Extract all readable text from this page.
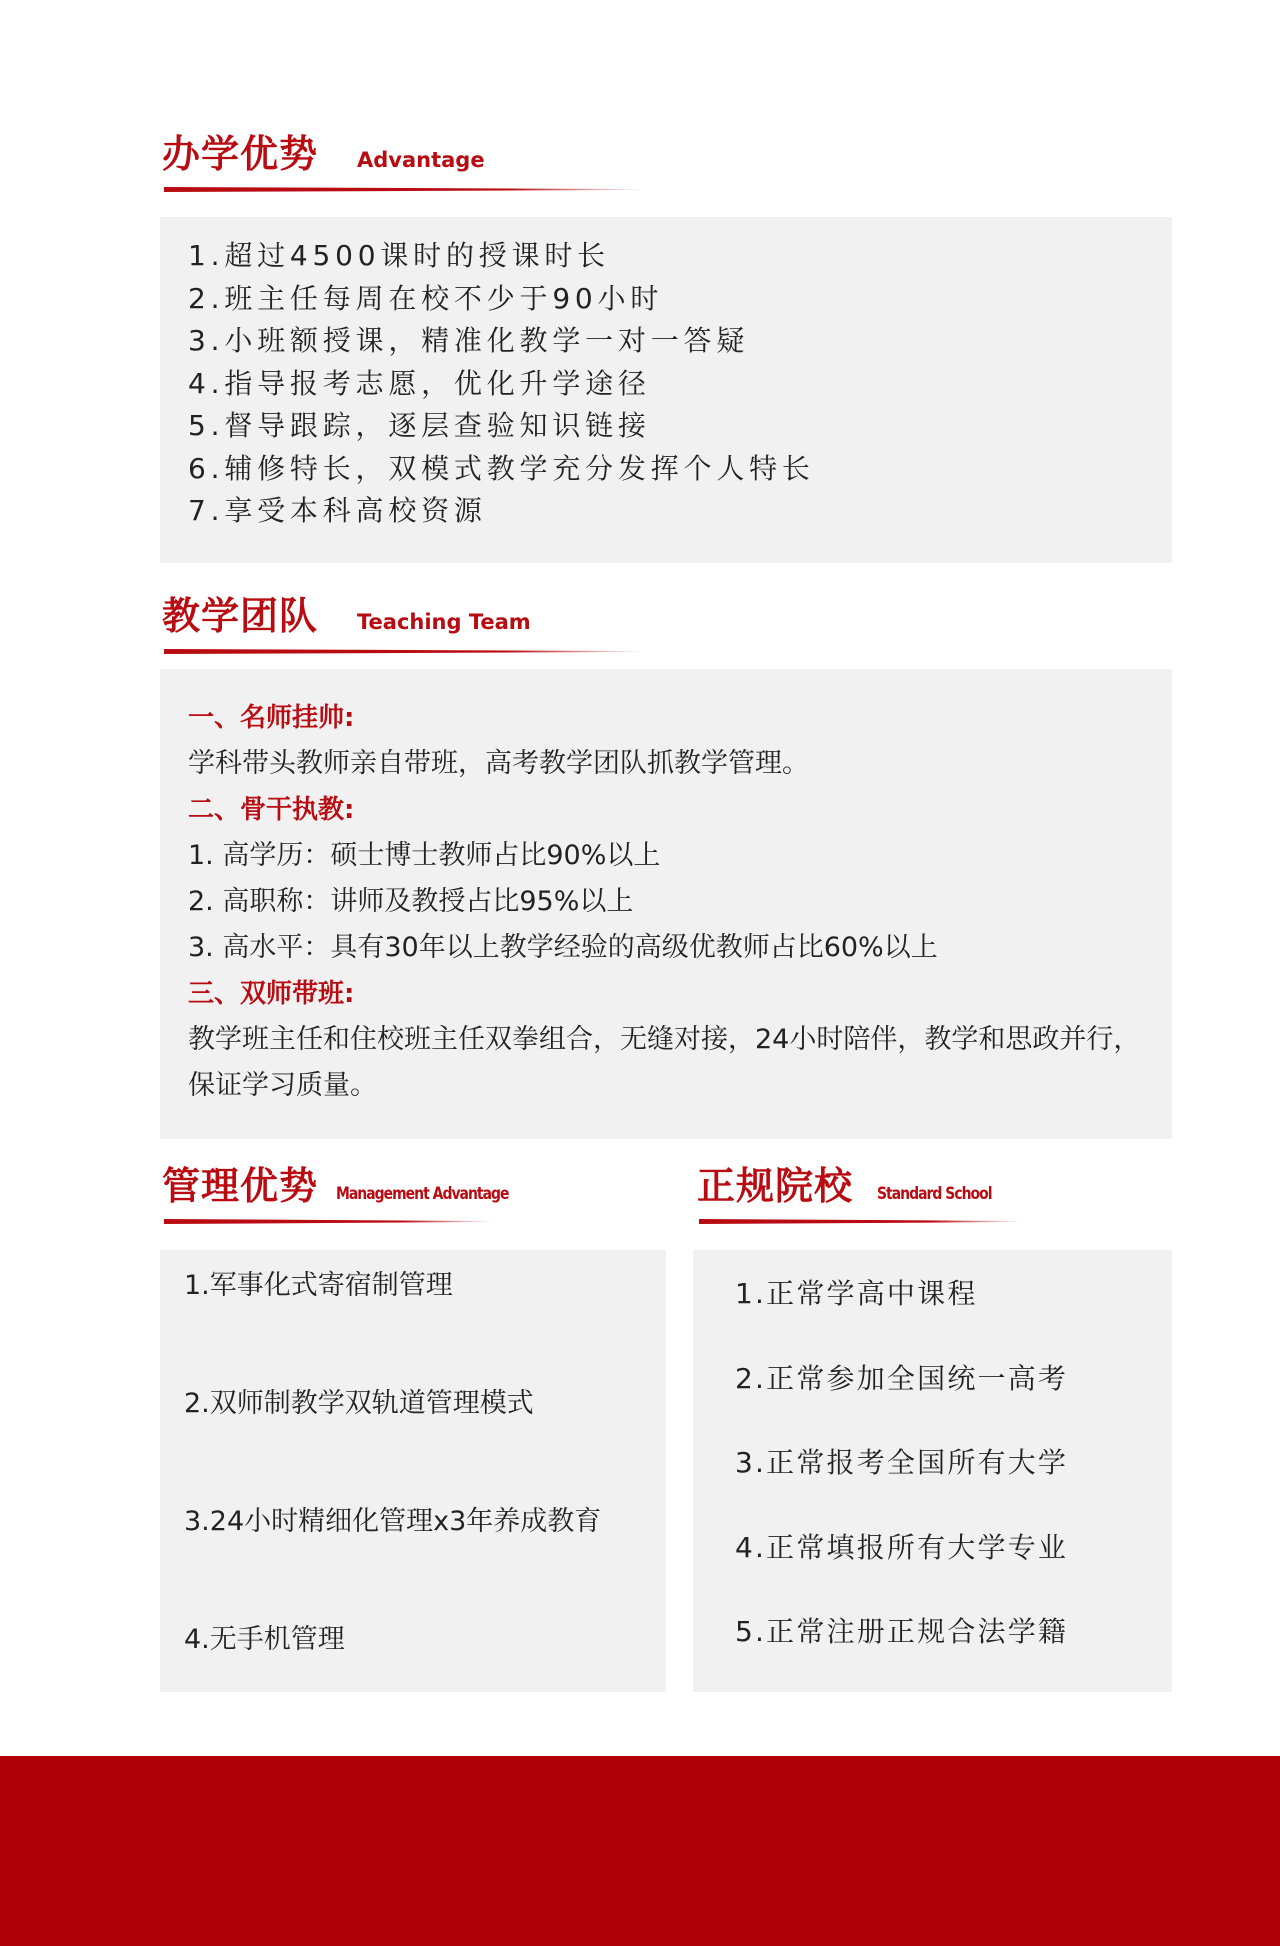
办学优势 Advantage
1.超过4500课时的授课时长
2.班主任每周在校不少于90小时
3.小班额授课，精准化教学一对一答疑
4.指导报考志愿，优化升学途径
5.督导跟踪，逐层查验知识链接
6.辅修特长，双模式教学充分发挥个人特长
7.享受本科高校资源
教学团队 Teaching Team
一、名师挂帅:
学科带头教师亲自带班，高考教学团队抓教学管理。
二、骨干执教:
1. 高学历：硕士博士教师占比90%以上
2. 高职称：讲师及教授占比95%以上
3. 高水平：具有30年以上教学经验的高级优教师占比60%以上
三、双师带班:
教学班主任和住校班主任双拳组合，无缝对接，24小时陪伴，教学和思政并行，保证学习质量。
管理优势 Management Advantage
1.军事化式寄宿制管理
2.双师制教学双轨道管理模式
3.24小时精细化管理x3年养成教育
4.无手机管理
正规院校 Standard School
1.正常学高中课程
2.正常参加全国统一高考
3.正常报考全国所有大学
4.正常填报所有大学专业
5.正常注册正规合法学籍
